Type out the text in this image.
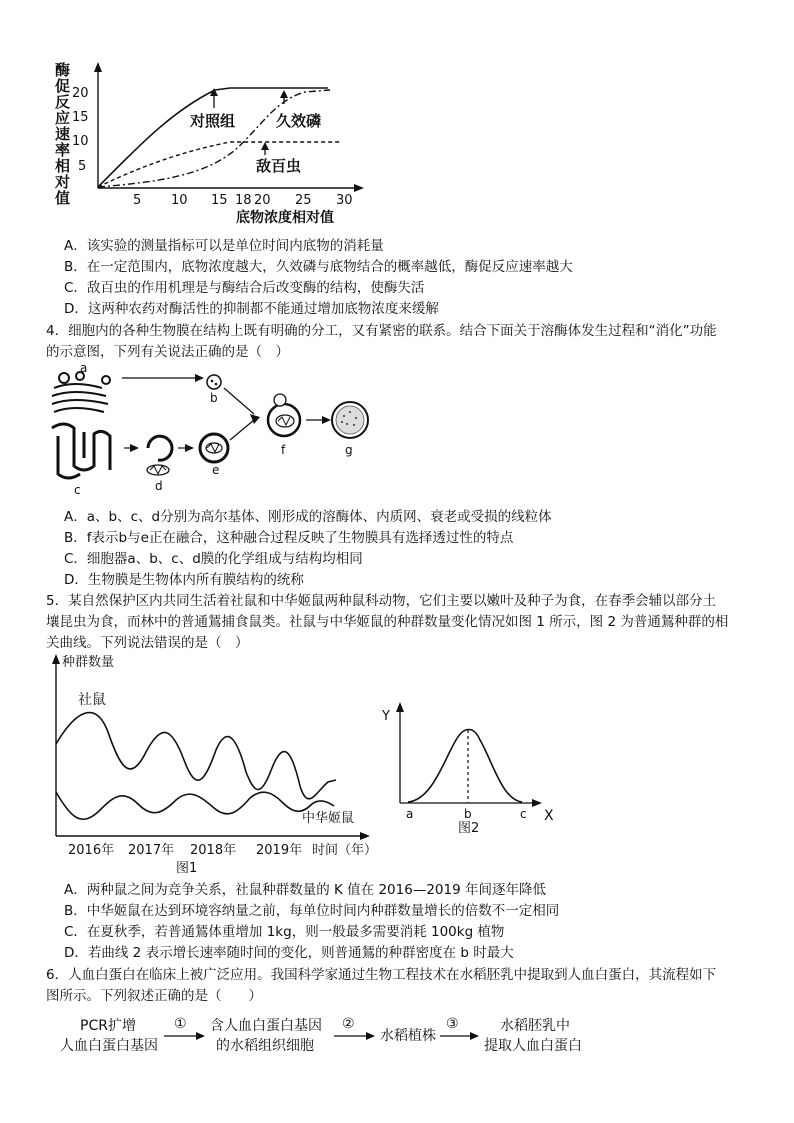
酶促反应速率相对值 5
10
15
20
5 10 15 18 20 25 30
底物浓度相对值
对照组	久效磷
敌百虫
A．该实验的测量指标可以是单位时间内底物的消耗量
B．在一定范围内，底物浓度越大，久效磷与底物结合的概率越低，酶促反应速率越大
C．敌百虫的作用机理是与酶结合后改变酶的结构，使酶失活
D．这两种农药对酶活性的抑制都不能通过增加底物浓度来缓解
4．细胞内的各种生物膜在结构上既有明确的分工，又有紧密的联系。结合下面关于溶酶体发生过程和“消化”功能
的示意图，下列有关说法正确的是（　）
a
b
c	d
e
f	g
A．a、b、c、d分别为高尔基体、刚形成的溶酶体、内质网、衰老或受损的线粒体
B．f表示b与e正在融合，这种融合过程反映了生物膜具有选择透过性的特点
C．细胞器a、b、c、d膜的化学组成与结构均相同
D．生物膜是生物体内所有膜结构的统称
5．某自然保护区内共同生活着社鼠和中华姬鼠两种鼠科动物，它们主要以嫩叶及种子为食，在春季会辅以部分土
壤昆虫为食，而林中的普通鵟捕食鼠类。社鼠与中华姬鼠的种群数量变化情况如图 1 所示，图 2 为普通鵟种群的相
关曲线。下列说法错误的是（　）
种群数量
社鼠
中华姬鼠
2016年 2017年 2018年 2019年 时间（年）
图1
Y
X
a	b	c
图2
A．两种鼠之间为竞争关系，社鼠种群数量的 K 值在 2016—2019 年间逐年降低
B．中华姬鼠在达到环境容纳量之前，每单位时间内种群数量增长的倍数不一定相同
C．在夏秋季，若普通鵟体重增加 1kg，则一般最多需要消耗 100kg 植物
D．若曲线 2 表示增长速率随时间的变化，则普通鵟的种群密度在 b 时最大
6．人血白蛋白在临床上被广泛应用。我国科学家通过生物工程技术在水稻胚乳中提取到人血白蛋白，其流程如下
图所示。下列叙述正确的是（　　）
PCR扩增
人血白蛋白基因
① 含人血白蛋白基因
的水稻组织细胞
②
水稻植株
③	水稻胚乳中
提取人血白蛋白
